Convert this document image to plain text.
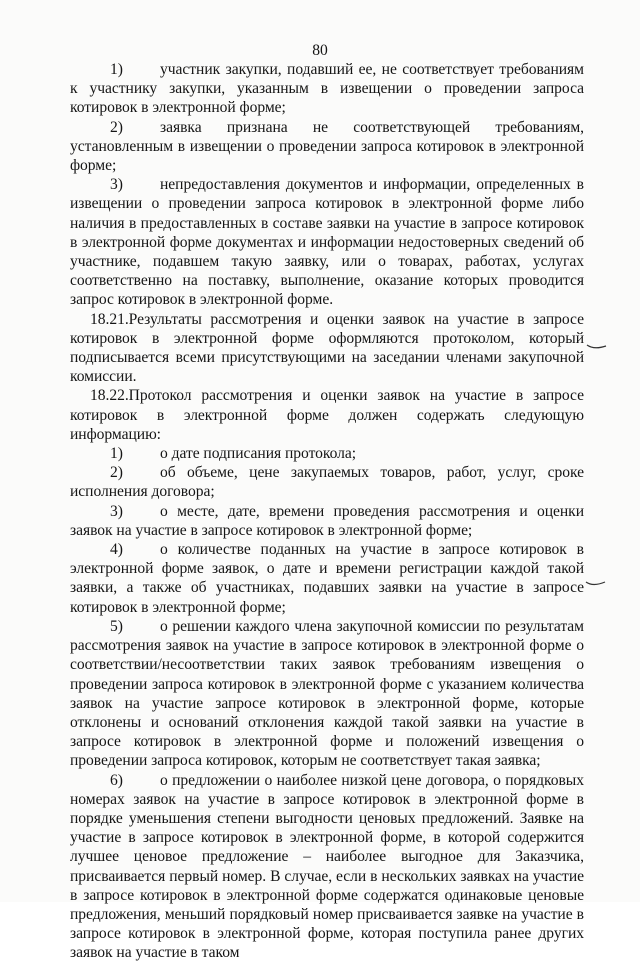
80

1) участник закупки, подавший ее, не соответствует требованиям к участнику закупки, указанным в извещении о проведении запроса котировок в электронной форме;

2) заявка признана не соответствующей требованиям, установленным в извещении о проведении запроса котировок в электронной форме;

3) непредоставления документов и информации, определенных в извещении о проведении запроса котировок в электронной форме либо наличия в предоставленных в составе заявки на участие в запросе котировок в электронной форме документах и информации недостоверных сведений об участнике, подавшем такую заявку, или о товарах, работах, услугах соответственно на поставку, выполнение, оказание которых проводится запрос котировок в электронной форме.

18.21.Результаты рассмотрения и оценки заявок на участие в запросе котировок в электронной форме оформляются протоколом, который подписывается всеми присутствующими на заседании членами закупочной комиссии.

18.22.Протокол рассмотрения и оценки заявок на участие в запросе котировок в электронной форме должен содержать следующую информацию:

1) о дате подписания протокола;

2) об объеме, цене закупаемых товаров, работ, услуг, сроке исполнения договора;

3) о месте, дате, времени проведения рассмотрения и оценки заявок на участие в запросе котировок в электронной форме;

4) о количестве поданных на участие в запросе котировок в электронной форме заявок, о дате и времени регистрации каждой такой заявки, а также об участниках, подавших заявки на участие в запросе котировок в электронной форме;

5) о решении каждого члена закупочной комиссии по результатам рассмотрения заявок на участие в запросе котировок в электронной форме о соответствии/несоответствии таких заявок требованиям извещения о проведении запроса котировок в электронной форме с указанием количества заявок на участие запросе котировок в электронной форме, которые отклонены и оснований отклонения каждой такой заявки на участие в запросе котировок в электронной форме и положений извещения о проведении запроса котировок, которым не соответствует такая заявка;

6) о предложении о наиболее низкой цене договора, о порядковых номерах заявок на участие в запросе котировок в электронной форме в порядке уменьшения степени выгодности ценовых предложений. Заявке на участие в запросе котировок в электронной форме, в которой содержится лучшее ценовое предложение – наиболее выгодное для Заказчика, присваивается первый номер. В случае, если в нескольких заявках на участие в запросе котировок в электронной форме содержатся одинаковые ценовые предложения, меньший порядковый номер присваивается заявке на участие в запросе котировок в электронной форме, которая поступила ранее других заявок на участие в таком
